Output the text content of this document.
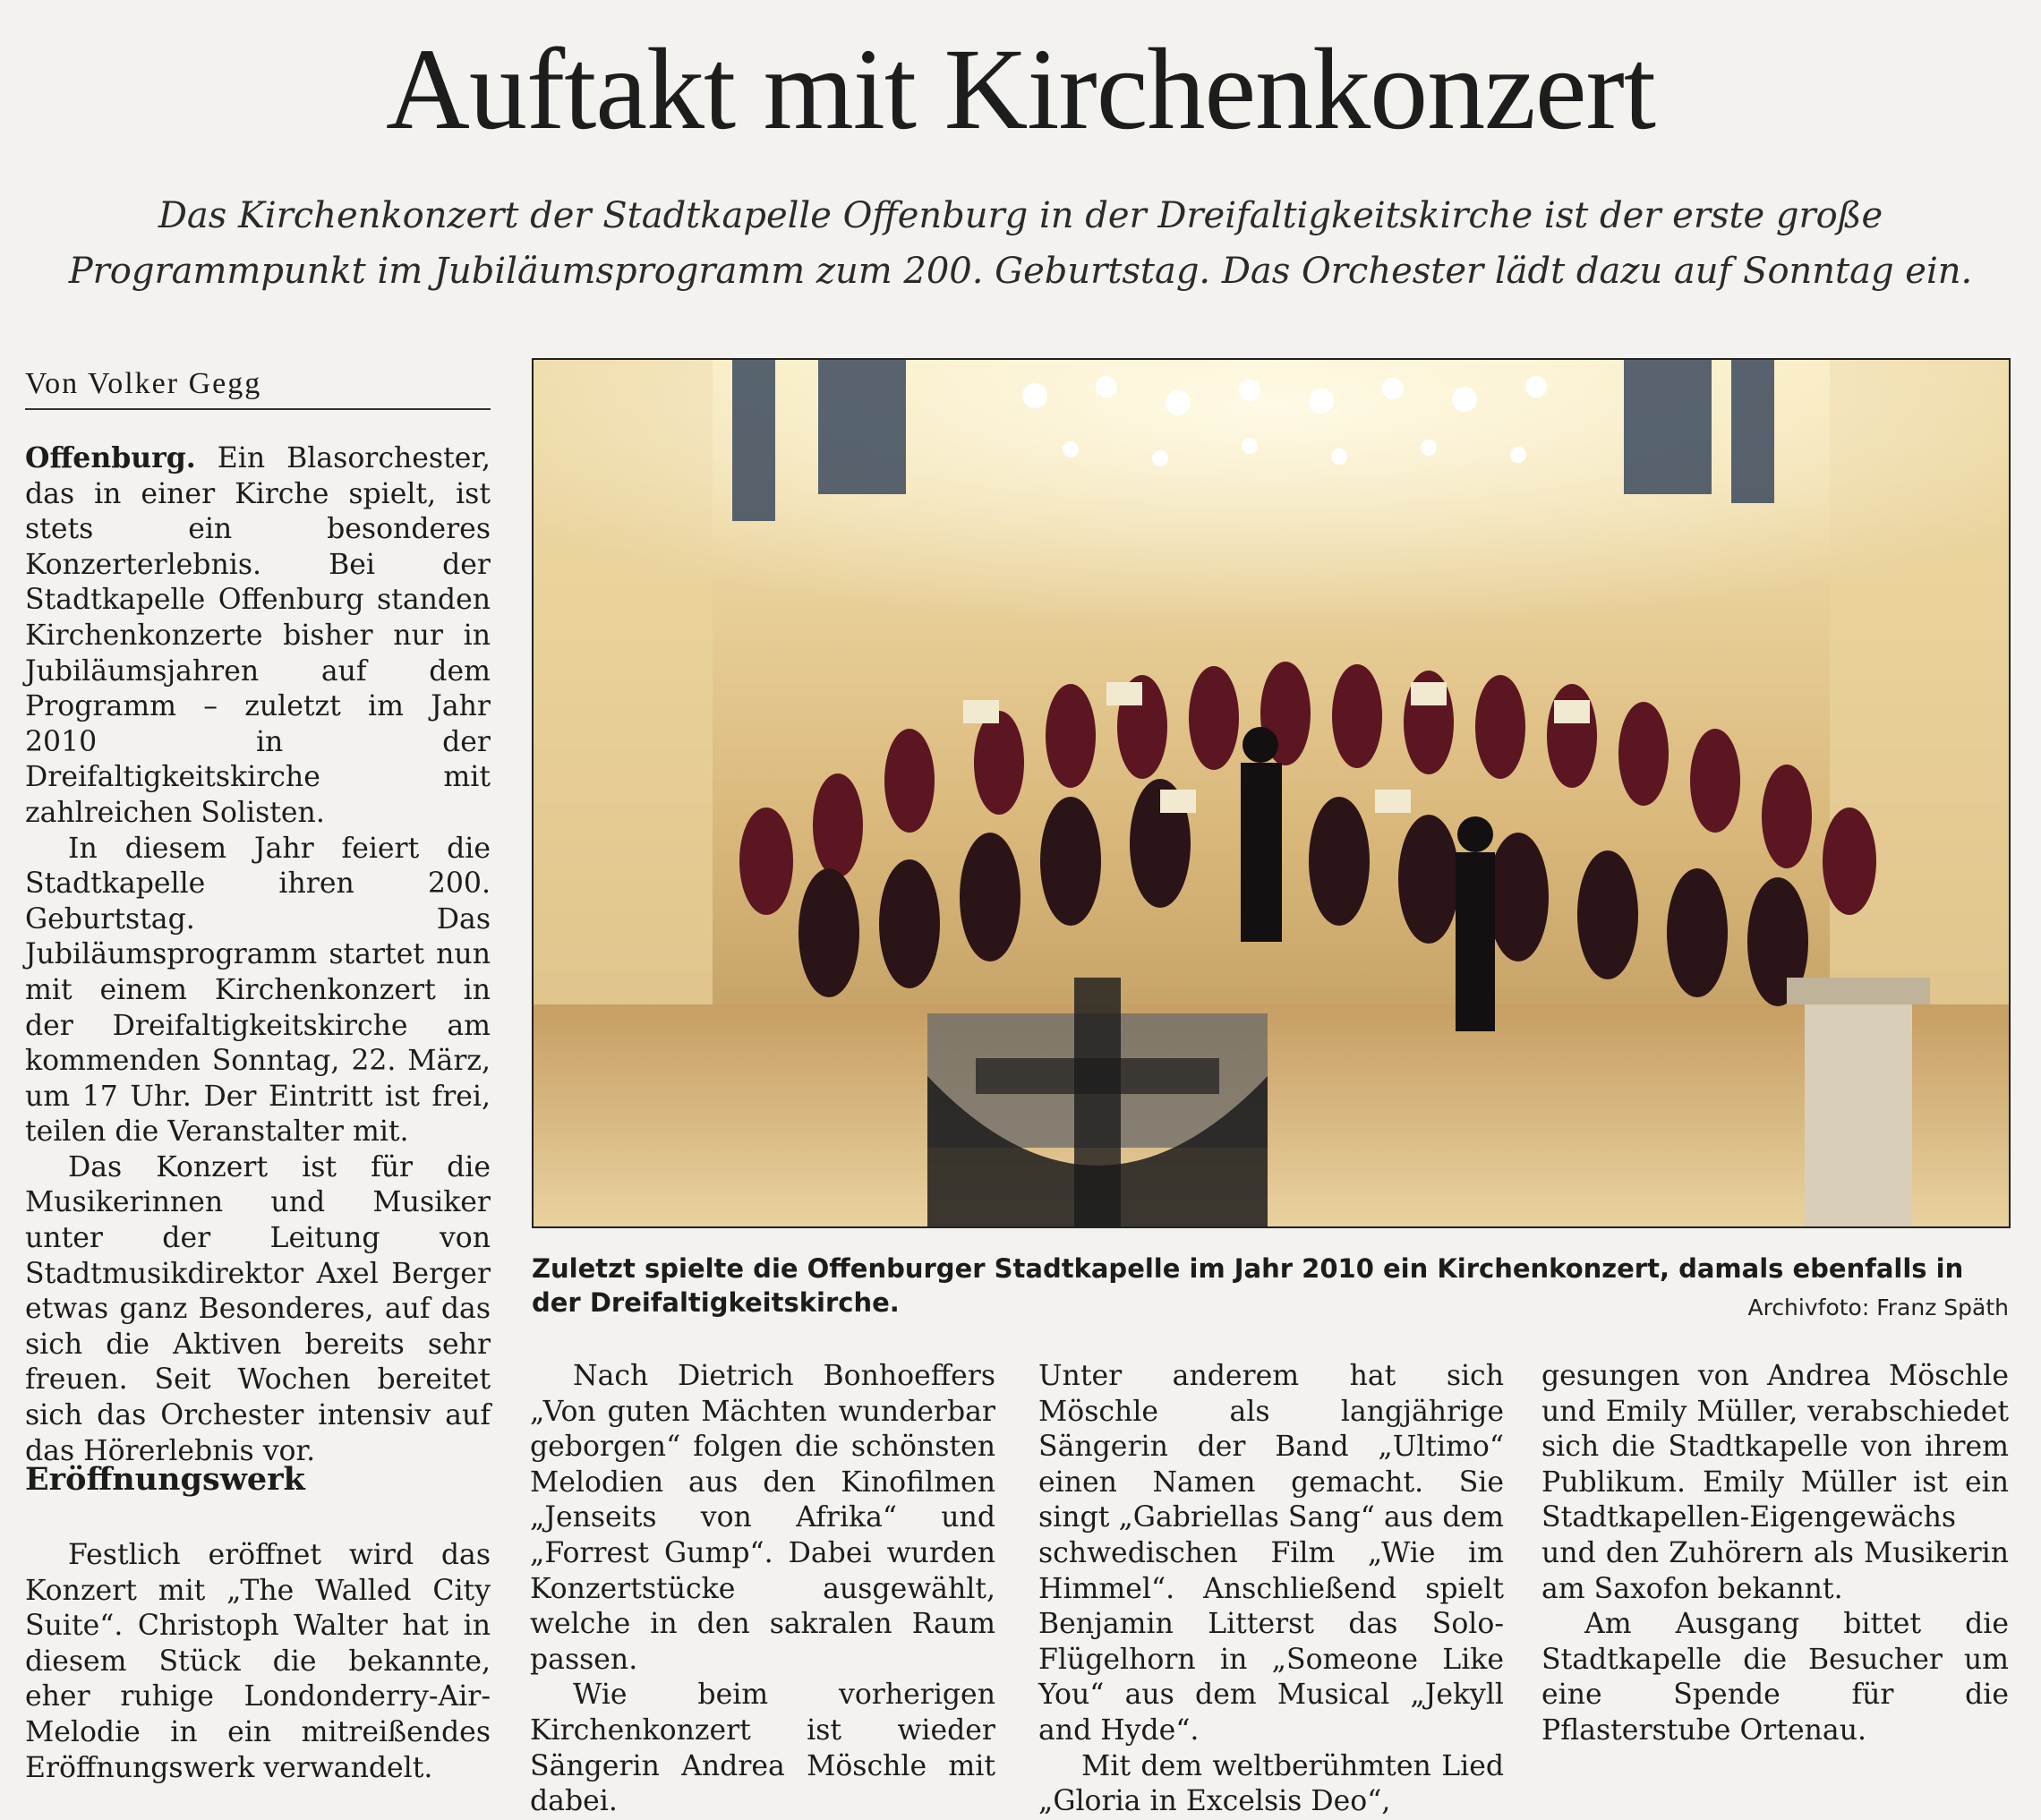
Auftakt mit Kirchenkonzert

Das Kirchenkonzert der Stadtkapelle Offenburg in der Dreifaltigkeitskirche ist der erste große Programmpunkt im Jubiläumsprogramm zum 200. Geburtstag. Das Orchester lädt dazu auf Sonntag ein.

Von Volker Gegg

Offenburg. Ein Blasorchester, das in einer Kirche spielt, ist stets ein besonderes Konzerterlebnis. Bei der Stadtkapelle Offenburg standen Kirchenkonzerte bisher nur in Jubiläumsjahren auf dem Programm – zuletzt im Jahr 2010 in der Dreifaltigkeitskirche mit zahlreichen Solisten.

In diesem Jahr feiert die Stadtkapelle ihren 200. Geburtstag. Das Jubiläumsprogramm startet nun mit einem Kirchenkonzert in der Dreifaltigkeitskirche am kommenden Sonntag, 22. März, um 17 Uhr. Der Eintritt ist frei, teilen die Veranstalter mit.

Das Konzert ist für die Musikerinnen und Musiker unter der Leitung von Stadtmusikdirektor Axel Berger etwas ganz Besonderes, auf das sich die Aktiven bereits sehr freuen. Seit Wochen bereitet sich das Orchester intensiv auf das Hörerlebnis vor.

Eröffnungswerk

Festlich eröffnet wird das Konzert mit „The Walled City Suite“. Christoph Walter hat in diesem Stück die bekannte, eher ruhige Londonderry-Air-Melodie in ein mitreißendes Eröffnungswerk verwandelt.

Zuletzt spielte die Offenburger Stadtkapelle im Jahr 2010 ein Kirchenkonzert, damals ebenfalls in der Dreifaltigkeitskirche.	Archivfoto: Franz Späth

Nach Dietrich Bonhoeffers „Von guten Mächten wunderbar geborgen“ folgen die schönsten Melodien aus den Kinofilmen „Jenseits von Afrika“ und „Forrest Gump“. Dabei wurden Konzertstücke ausgewählt, welche in den sakralen Raum passen.

Wie beim vorherigen Kirchenkonzert ist wieder Sängerin Andrea Möschle mit dabei.

Unter anderem hat sich Möschle als langjährige Sängerin der Band „Ultimo“ einen Namen gemacht. Sie singt „Gabriellas Sang“ aus dem schwedischen Film „Wie im Himmel“. Anschließend spielt Benjamin Litterst das Solo-Flügelhorn in „Someone Like You“ aus dem Musical „Jekyll and Hyde“.

Mit dem weltberühmten Lied „Gloria in Excelsis Deo“,

gesungen von Andrea Möschle und Emily Müller, verabschiedet sich die Stadtkapelle von ihrem Publikum. Emily Müller ist ein Stadtkapellen-Eigengewächs und den Zuhörern als Musikerin am Saxofon bekannt.

Am Ausgang bittet die Stadtkapelle die Besucher um eine Spende für die Pflasterstube Ortenau.
